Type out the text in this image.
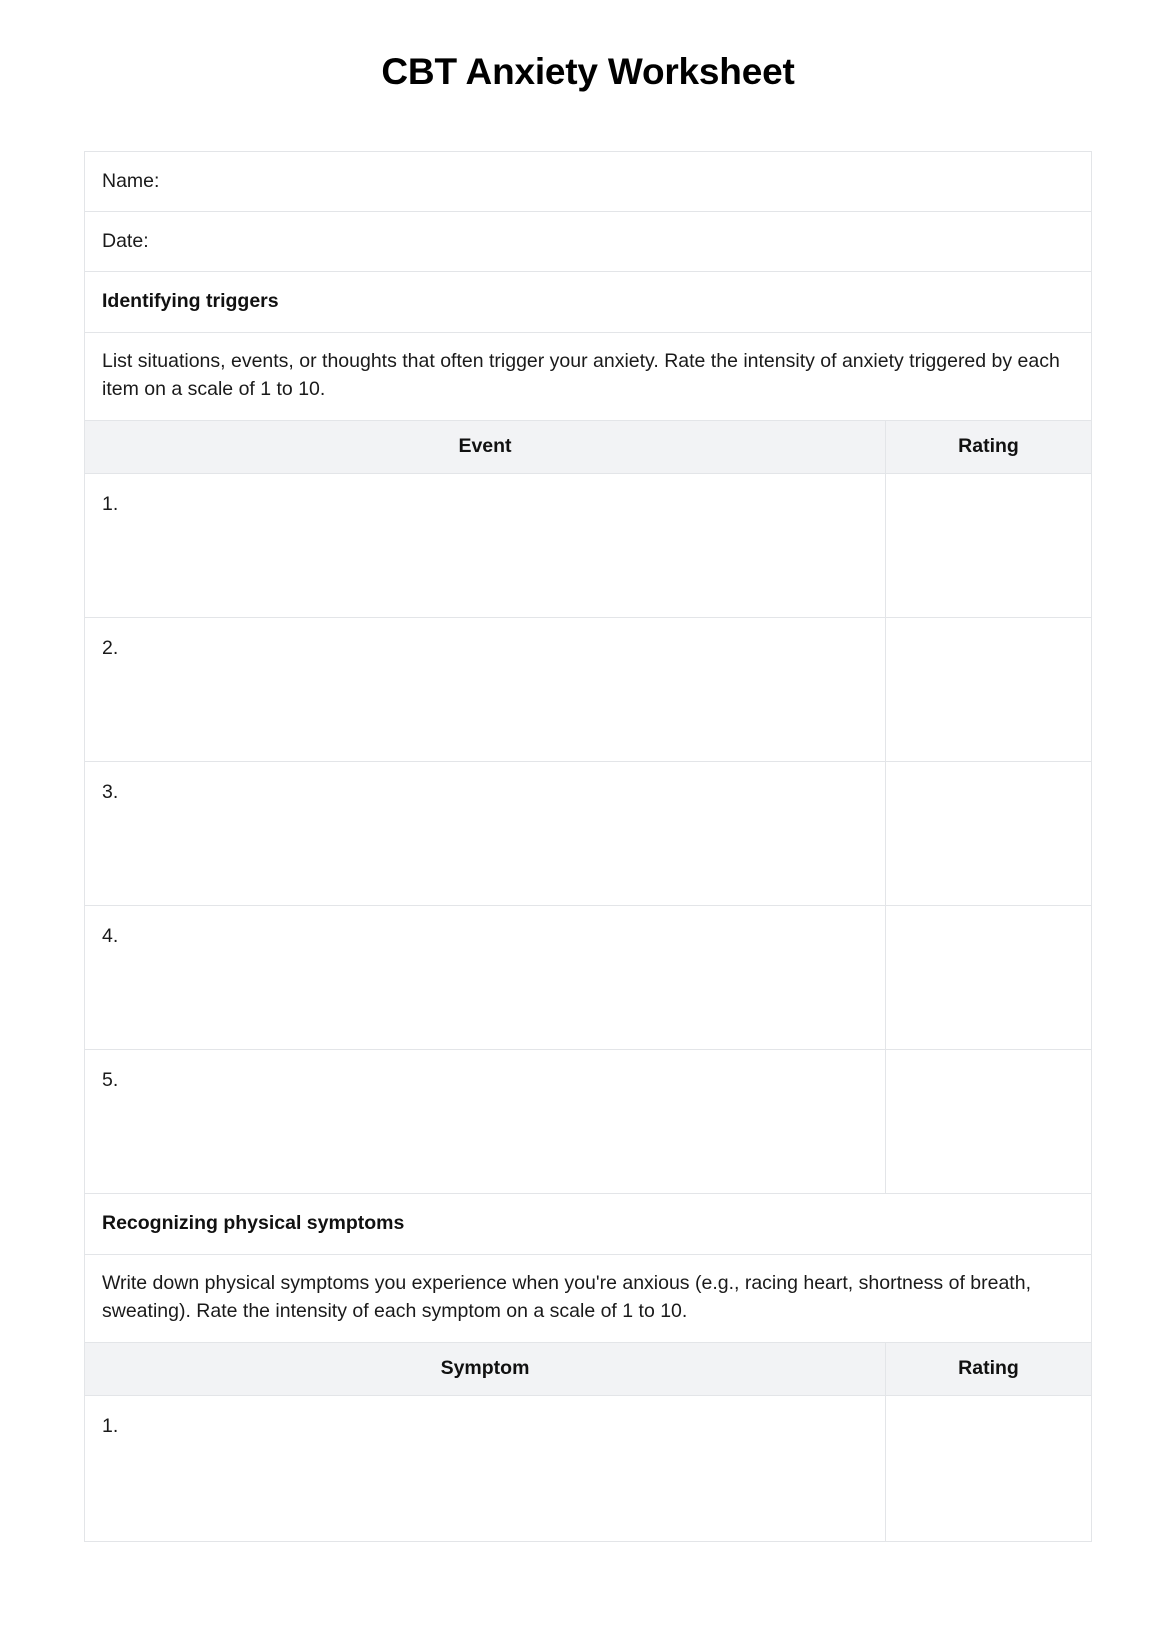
CBT Anxiety Worksheet
Name:
Date:
Identifying triggers
List situations, events, or thoughts that often trigger your anxiety. Rate the intensity of anxiety triggered by each item on a scale of 1 to 10.
Event	Rating
1.
2.
3.
4.
5.
Recognizing physical symptoms
Write down physical symptoms you experience when you're anxious (e.g., racing heart, shortness of breath, sweating). Rate the intensity of each symptom on a scale of 1 to 10.
Symptom	Rating
1.
